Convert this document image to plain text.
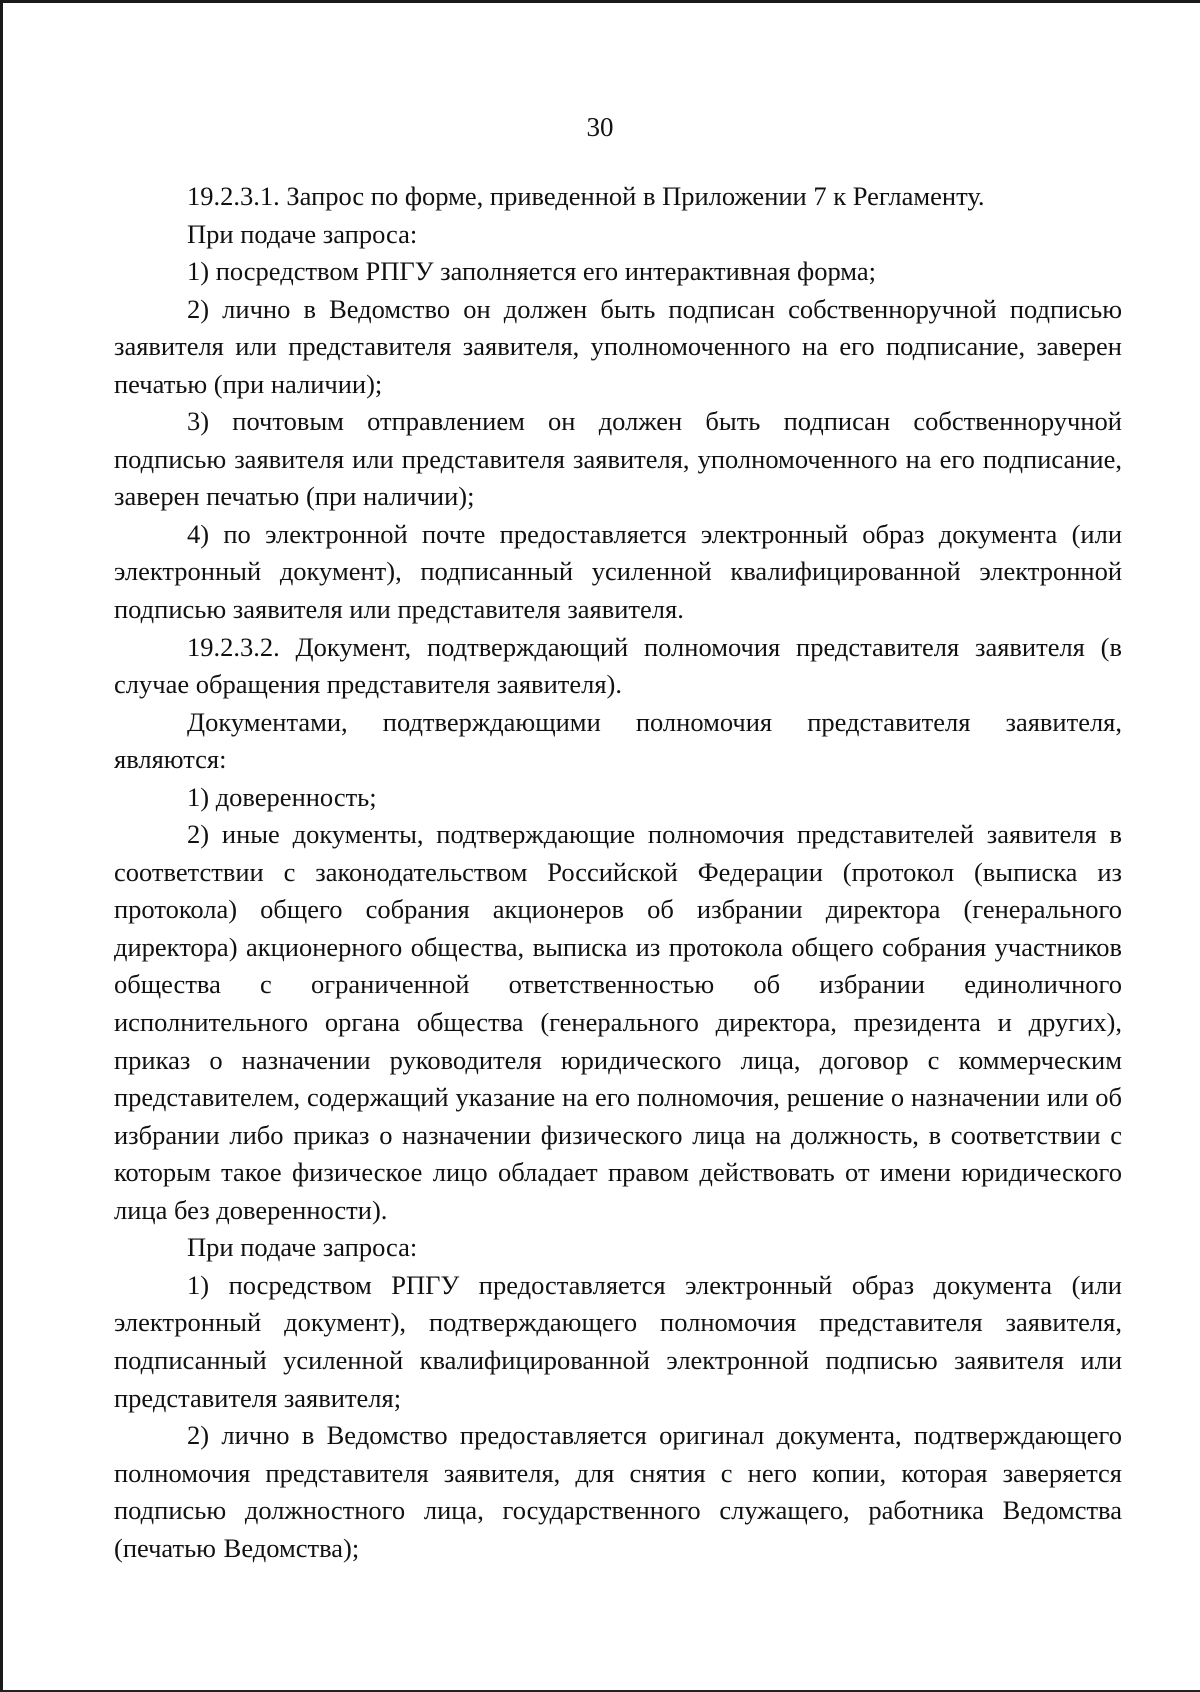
30

19.2.3.1. Запрос по форме, приведенной в Приложении 7 к Регламенту.

При подаче запроса:

1) посредством РПГУ заполняется его интерактивная форма;

2) лично в Ведомство он должен быть подписан собственноручной подписью заявителя или представителя заявителя, уполномоченного на его подписание, заверен печатью (при наличии);

3) почтовым отправлением он должен быть подписан собственноручной подписью заявителя или представителя заявителя, уполномоченного на его подписание, заверен печатью (при наличии);

4) по электронной почте предоставляется электронный образ документа (или электронный документ), подписанный усиленной квалифицированной электронной подписью заявителя или представителя заявителя.

19.2.3.2. Документ, подтверждающий полномочия представителя заявителя (в случае обращения представителя заявителя).

Документами, подтверждающими полномочия представителя заявителя, являются:

1) доверенность;

2) иные документы, подтверждающие полномочия представителей заявителя в соответствии с законодательством Российской Федерации (протокол (выписка из протокола) общего собрания акционеров об избрании директора (генерального директора) акционерного общества, выписка из протокола общего собрания участников общества с ограниченной ответственностью об избрании единоличного исполнительного органа общества (генерального директора, президента и других), приказ о назначении руководителя юридического лица, договор с коммерческим представителем, содержащий указание на его полномочия, решение о назначении или об избрании либо приказ о назначении физического лица на должность, в соответствии с которым такое физическое лицо обладает правом действовать от имени юридического лица без доверенности).

При подаче запроса:

1) посредством РПГУ предоставляется электронный образ документа (или электронный документ), подтверждающего полномочия представителя заявителя, подписанный усиленной квалифицированной электронной подписью заявителя или представителя заявителя;

2) лично в Ведомство предоставляется оригинал документа, подтверждающего полномочия представителя заявителя, для снятия с него копии, которая заверяется подписью должностного лица, государственного служащего, работника Ведомства (печатью Ведомства);
